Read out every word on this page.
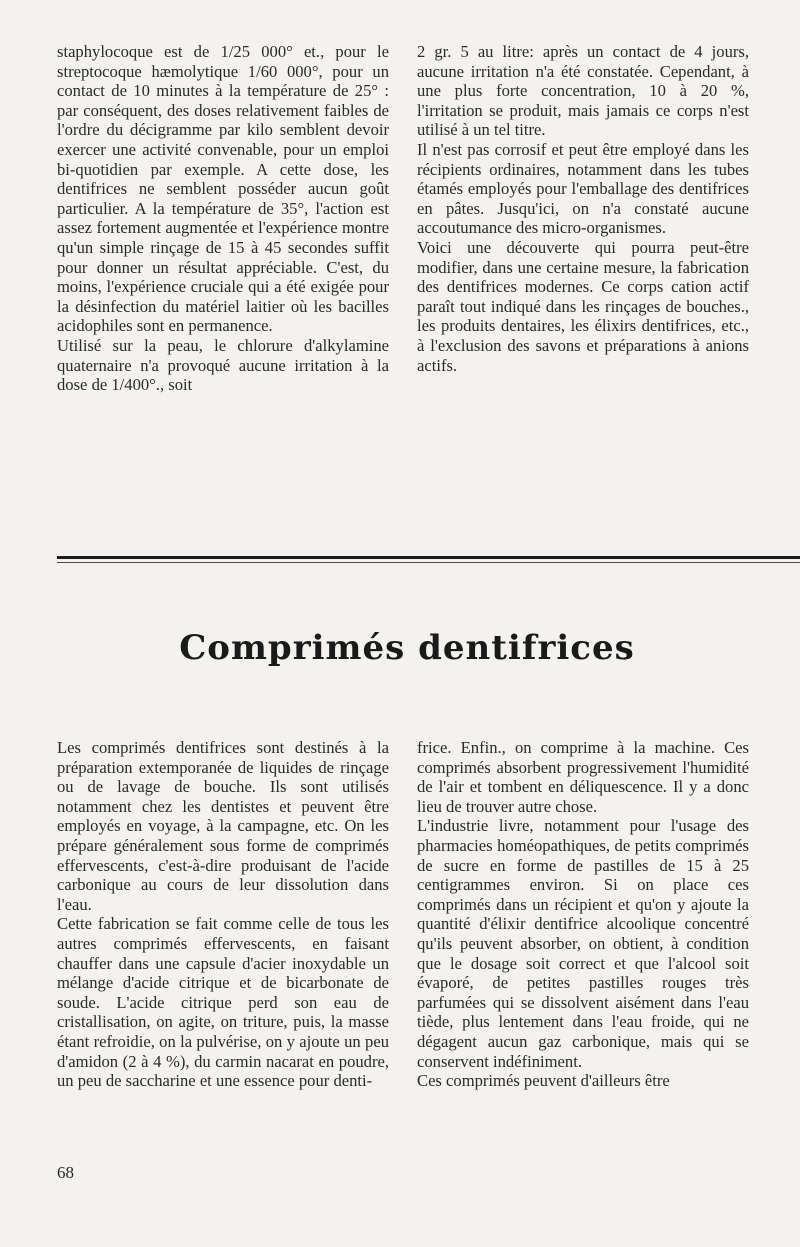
staphylocoque est de 1/25 000° et., pour le streptocoque hæmolytique 1/60 000°, pour un contact de 10 minutes à la température de 25° : par conséquent, des doses relativement faibles de l'ordre du décigramme par kilo semblent devoir exercer une activité convenable, pour un emploi bi-quotidien par exemple. A cette dose, les dentifrices ne semblent posséder aucun goût particulier. A la température de 35°, l'action est assez fortement augmentée et l'expérience montre qu'un simple rinçage de 15 à 45 secondes suffit pour donner un résultat appréciable. C'est, du moins, l'expérience cruciale qui a été exigée pour la désinfection du matériel laitier où les bacilles acidophiles sont en permanence.

Utilisé sur la peau, le chlorure d'alkylamine quaternaire n'a provoqué aucune irritation à la dose de 1/400°., soit

2 gr. 5 au litre: après un contact de 4 jours, aucune irritation n'a été constatée. Cependant, à une plus forte concentration, 10 à 20 %, l'irritation se produit, mais jamais ce corps n'est utilisé à un tel titre.

Il n'est pas corrosif et peut être employé dans les récipients ordinaires, notamment dans les tubes étamés employés pour l'emballage des dentifrices en pâtes. Jusqu'ici, on n'a constaté aucune accoutumance des micro-organismes.

Voici une découverte qui pourra peut-être modifier, dans une certaine mesure, la fabrication des dentifrices modernes. Ce corps cation actif paraît tout indiqué dans les rinçages de bouches., les produits dentaires, les élixirs dentifrices, etc., à l'exclusion des savons et préparations à anions actifs.

Comprimés dentifrices

Les comprimés dentifrices sont destinés à la préparation extemporanée de liquides de rinçage ou de lavage de bouche. Ils sont utilisés notamment chez les dentistes et peuvent être employés en voyage, à la campagne, etc. On les prépare généralement sous forme de comprimés effervescents, c'est-à-dire produisant de l'acide carbonique au cours de leur dissolution dans l'eau.

Cette fabrication se fait comme celle de tous les autres comprimés effervescents, en faisant chauffer dans une capsule d'acier inoxydable un mélange d'acide citrique et de bicarbonate de soude. L'acide citrique perd son eau de cristallisation, on agite, on triture, puis, la masse étant refroidie, on la pulvérise, on y ajoute un peu d'amidon (2 à 4 %), du carmin nacarat en poudre, un peu de saccharine et une essence pour denti-

frice. Enfin., on comprime à la machine. Ces comprimés absorbent progressivement l'humidité de l'air et tombent en déliquescence. Il y a donc lieu de trouver autre chose.

L'industrie livre, notamment pour l'usage des pharmacies homéopathiques, de petits comprimés de sucre en forme de pastilles de 15 à 25 centigrammes environ. Si on place ces comprimés dans un récipient et qu'on y ajoute la quantité d'élixir dentifrice alcoolique concentré qu'ils peuvent absorber, on obtient, à condition que le dosage soit correct et que l'alcool soit évaporé, de petites pastilles rouges très parfumées qui se dissolvent aisément dans l'eau tiède, plus lentement dans l'eau froide, qui ne dégagent aucun gaz carbonique, mais qui se conservent indéfiniment.

Ces comprimés peuvent d'ailleurs être

68
